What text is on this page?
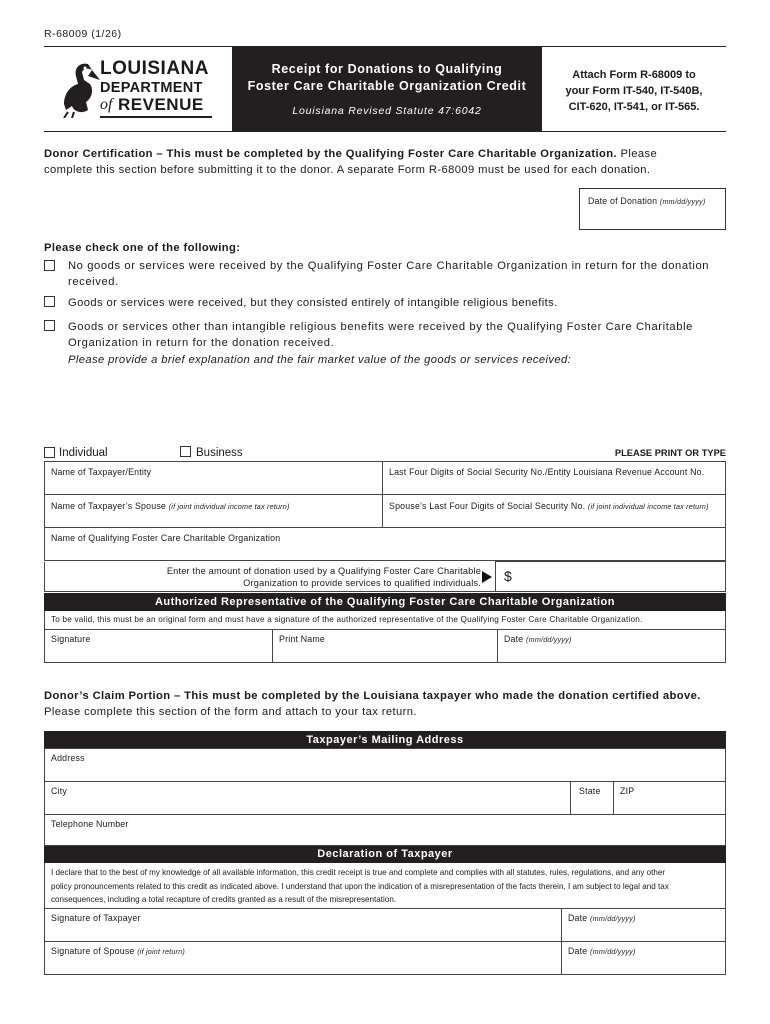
R-68009 (1/26)
LOUISIANA
DEPARTMENT
of REVENUE
Receipt for Donations to Qualifying
Foster Care Charitable Organization Credit
Louisiana Revised Statute 47:6042
Attach Form R-68009 to
your Form IT-540, IT-540B,
CIT-620, IT-541, or IT-565.
Donor Certification – This must be completed by the Qualifying Foster Care Charitable Organization. Please
complete this section before submitting it to the donor. A separate Form R-68009 must be used for each donation.
Date of Donation (mm/dd/yyyy)
Please check one of the following:
No goods or services were received by the Qualifying Foster Care Charitable Organization in return for the donation
received.
Goods or services were received, but they consisted entirely of intangible religious benefits.
Goods or services other than intangible religious benefits were received by the Qualifying Foster Care Charitable
Organization in return for the donation received.
Please provide a brief explanation and the fair market value of the goods or services received:
Individual	Business	PLEASE PRINT OR TYPE
Name of Taxpayer/Entity	Last Four Digits of Social Security No./Entity Louisiana Revenue Account No.
Name of Taxpayer’s Spouse (if joint individual income tax return)	Spouse’s Last Four Digits of Social Security No. (if joint individual income tax return)
Name of Qualifying Foster Care Charitable Organization
Enter the amount of donation used by a Qualifying Foster Care Charitable
Organization to provide services to qualified individuals. $
Authorized Representative of the Qualifying Foster Care Charitable Organization
To be valid, this must be an original form and must have a signature of the authorized representative of the Qualifying Foster Care Charitable Organization.
Signature	Print Name	Date (mm/dd/yyyy)
Donor’s Claim Portion – This must be completed by the Louisiana taxpayer who made the donation certified above.
Please complete this section of the form and attach to your tax return.
Taxpayer’s Mailing Address
Address
City	State ZIP
Telephone Number
Declaration of Taxpayer
I declare that to the best of my knowledge of all available information, this credit receipt is true and complete and complies with all statutes, rules, regulations, and any other
policy pronouncements related to this credit as indicated above. I understand that upon the indication of a misrepresentation of the facts therein, I am subject to legal and tax
consequences, including a total recapture of credits granted as a result of the misrepresentation.
Signature of Taxpayer	Date (mm/dd/yyyy)
Signature of Spouse (if joint return)	Date (mm/dd/yyyy)
